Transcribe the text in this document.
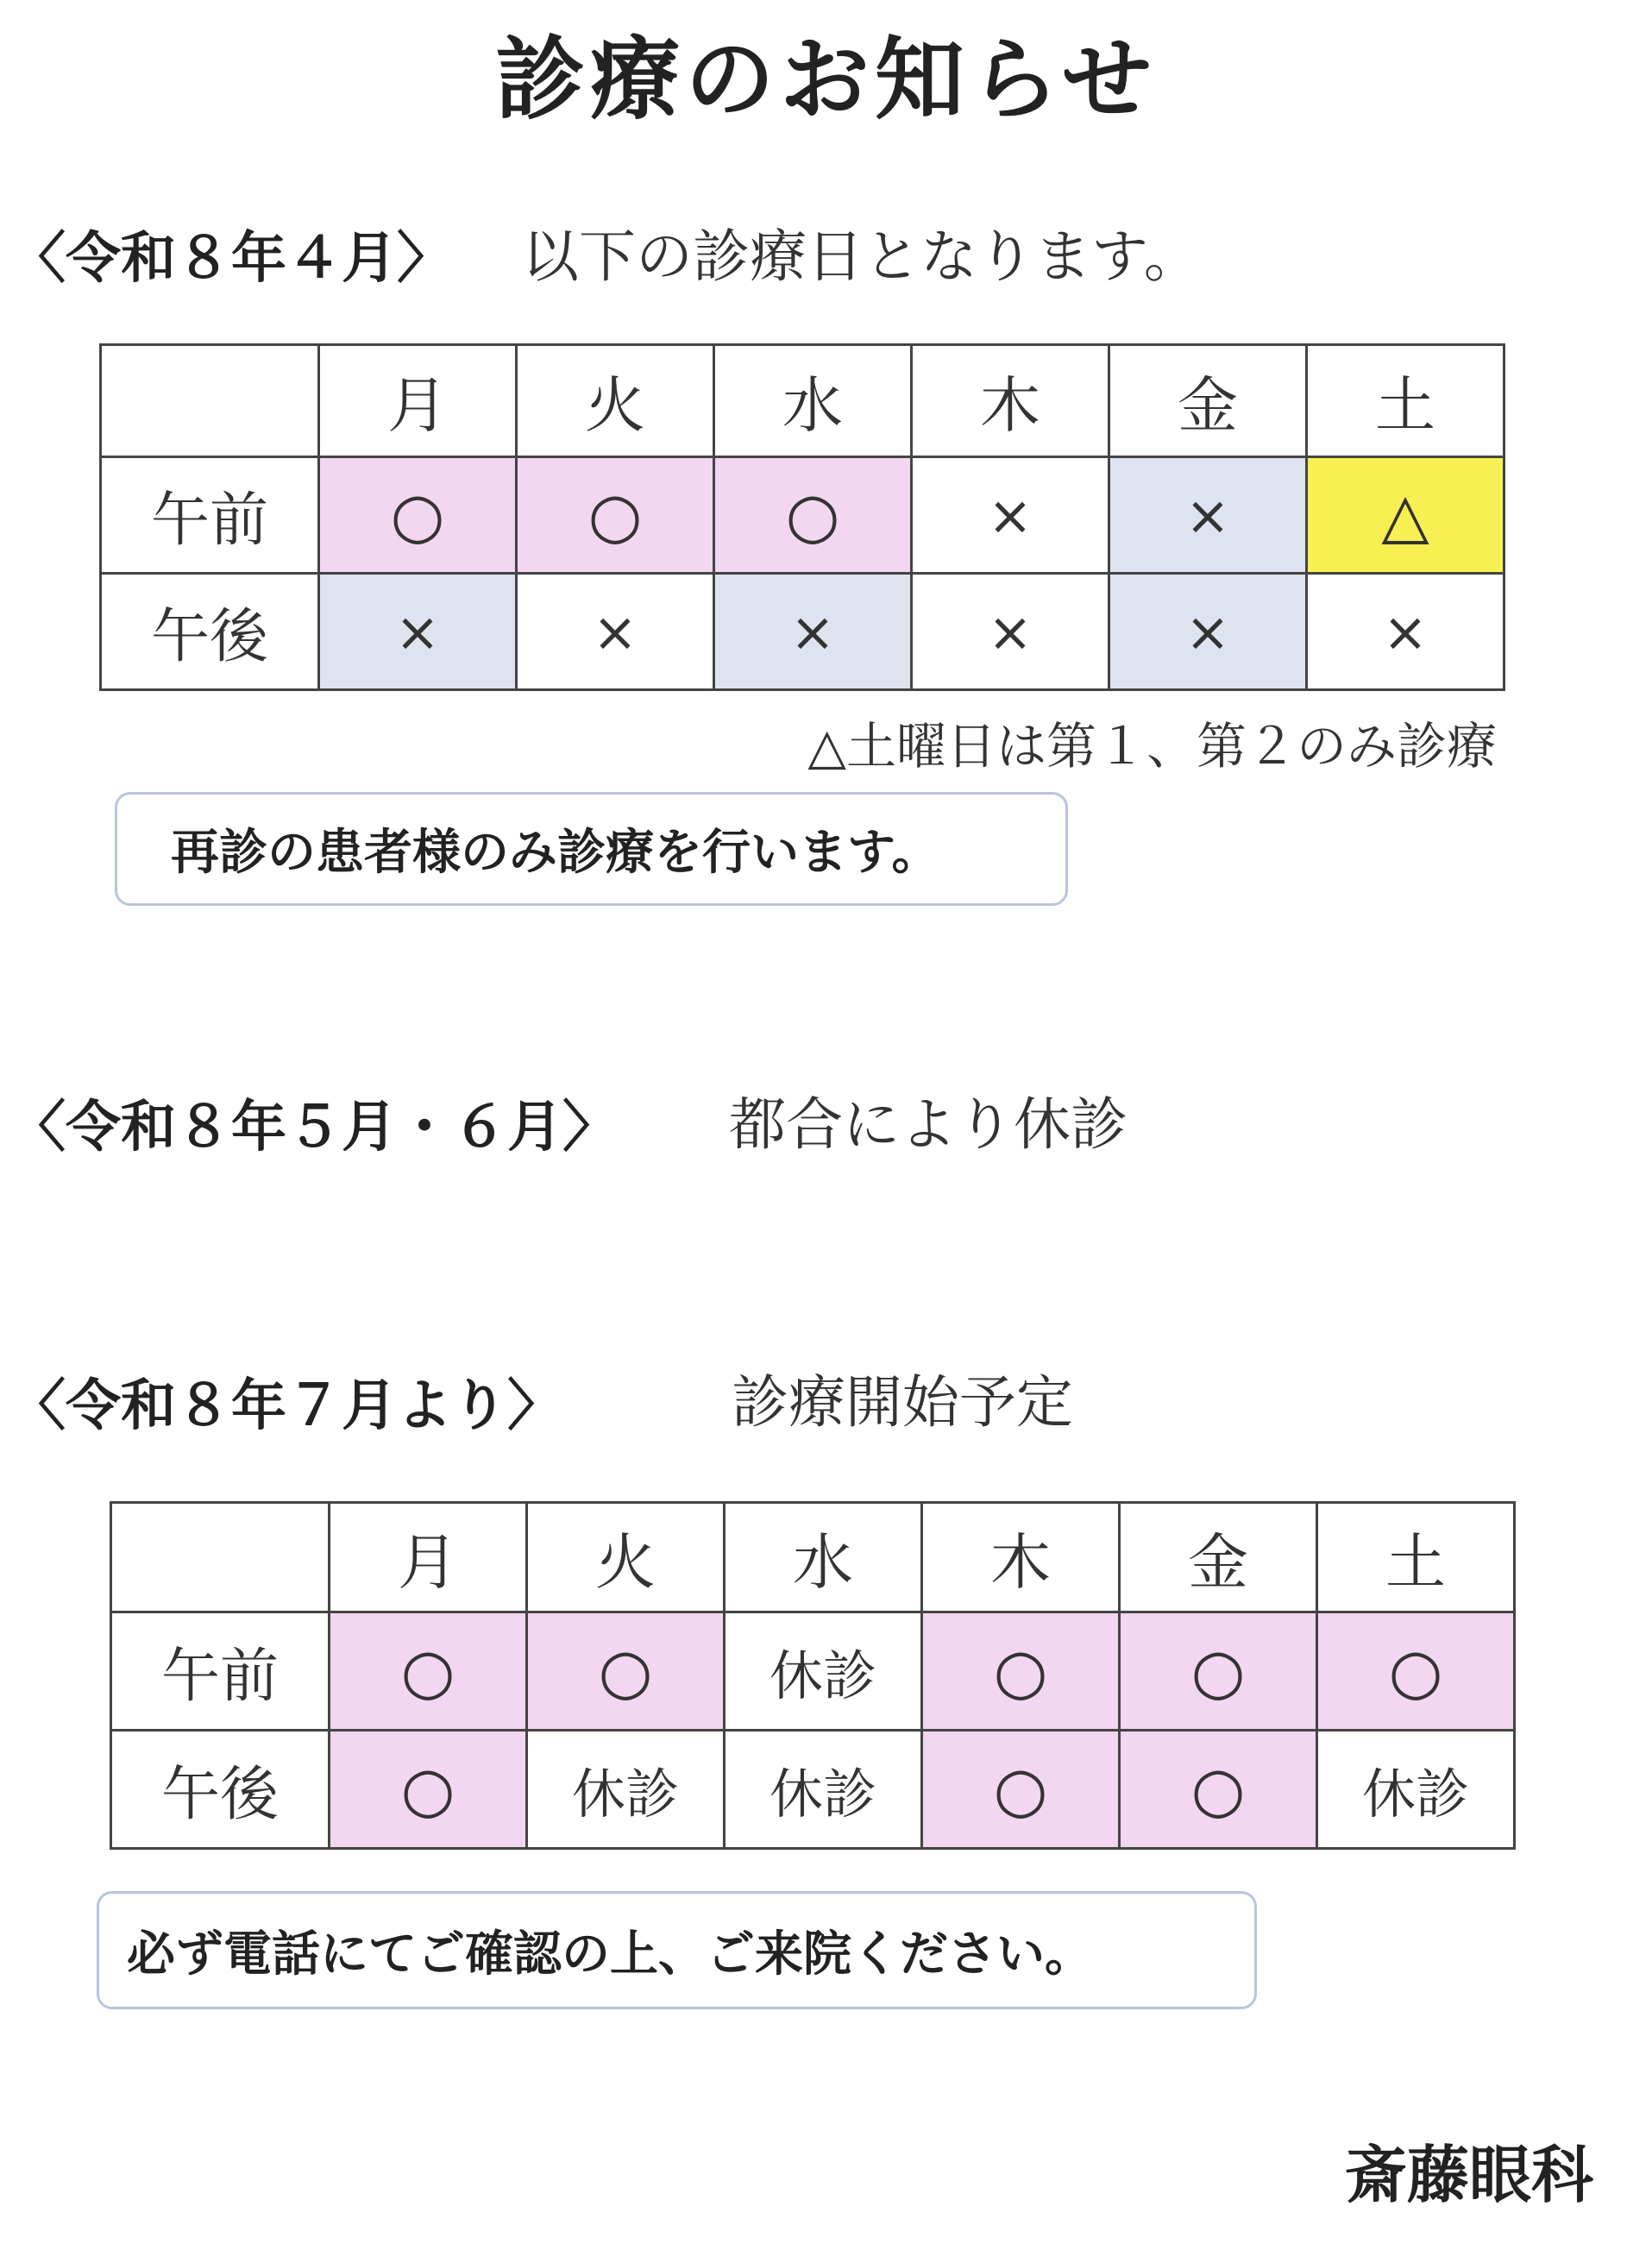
診療のお知らせ
〈令和８年４月〉 以下の診療日となります。
	月	火	水	木	金	土
午前	○	○	○	×	×	△
午後	×	×	×	×	×	×
△土曜日は第１、第２のみ診療
再診の患者様のみ診療を行います。
〈令和８年５月・６月〉 都合により休診
〈令和８年７月より〉	診療開始予定
	月	火	水	木	金	土
午前	○	○	休診	○	○	○
午後	○	休診	休診	○	○	休診
必ず電話にてご確認の上、ご来院ください。
斎藤眼科
